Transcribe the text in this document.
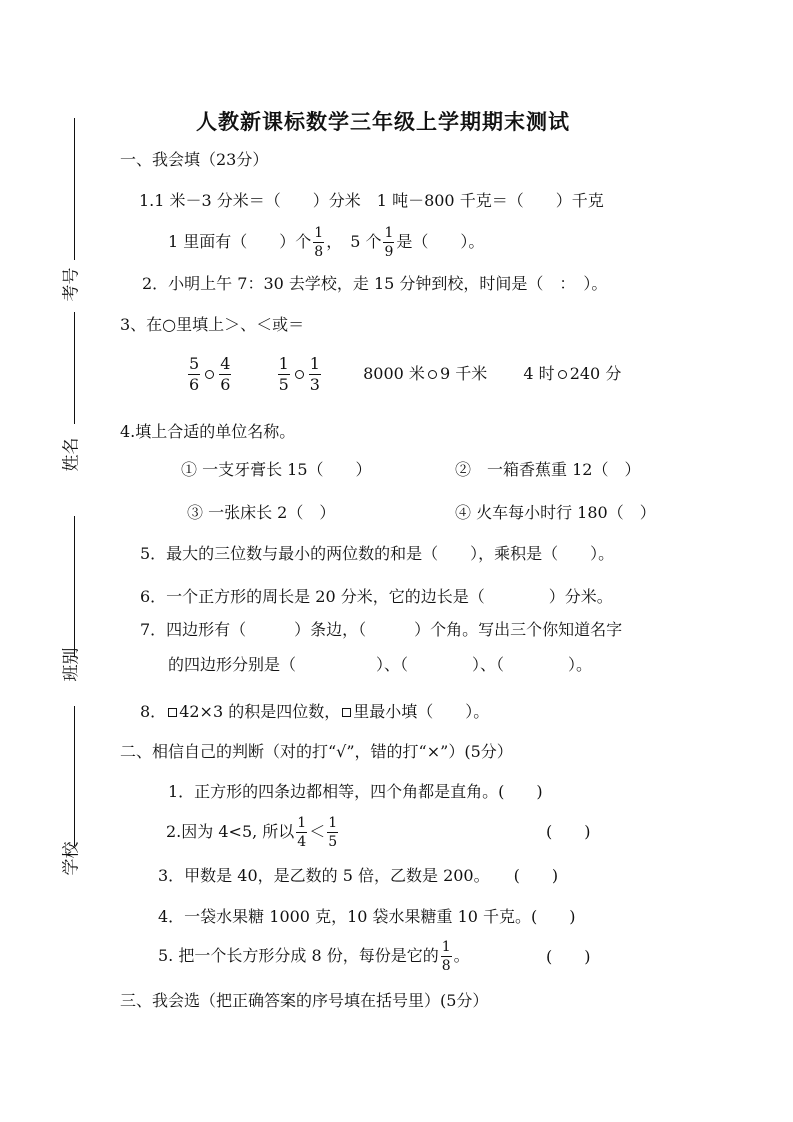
考号
姓名
班别
学校
人教新课标数学三年级上学期期末测试
一、我会填（23分）
1.1 米－3 分米＝（　　）分米　1 吨－800 千克＝（　　）千克
1 里面有（　　）个 $\frac{1}{8}$ ，　5 个 $\frac{1}{9}$ 是（　　）。
2．小明上午 7：30 去学校，走 15 分钟到校，时间是（　：　）。
3、在○里填上＞、＜或＝
$\frac{5}{6} \frac{4}{6}$
	$\frac{1}{5} \frac{1}{3}$	8000 米 9 千米 4 时 240 分
4.填上合适的单位名称。
① 一支牙膏长 15（　　）	②　一箱香蕉重 12（　）
③ 一张床长 2（　）	④ 火车每小时行 180（　）
5．最大的三位数与最小的两位数的和是（　　），乘积是（　　）。
6．一个正方形的周长是 20 分米，它的边长是（　　　　）分米。
7．四边形有（　　　）条边，（　　　）个角。写出三个你知道名字
的四边形分别是（　　　　　）、（　　　　）、（　　　　）。
8． 42×3 的积是四位数， 里最小填（　　）。
二、相信自己的判断（对的打“√”，错的打“×”）(5分）
1．正方形的四条边都相等，四个角都是直角。(　　)
2.因为 4<5, 所以 $\frac{1}{4} < \frac{1}{5}$	(　　)
3．甲数是 40，是乙数的 5 倍，乙数是 200。　　(　　)
4．一袋水果糖 1000 克，10 袋水果糖重 10 千克。(　　)
5. 把一个长方形分成 8 份，每份是它的 $\frac{1}{8}$ 。	(　　)
三、我会选（把正确答案的序号填在括号里）(5分）
